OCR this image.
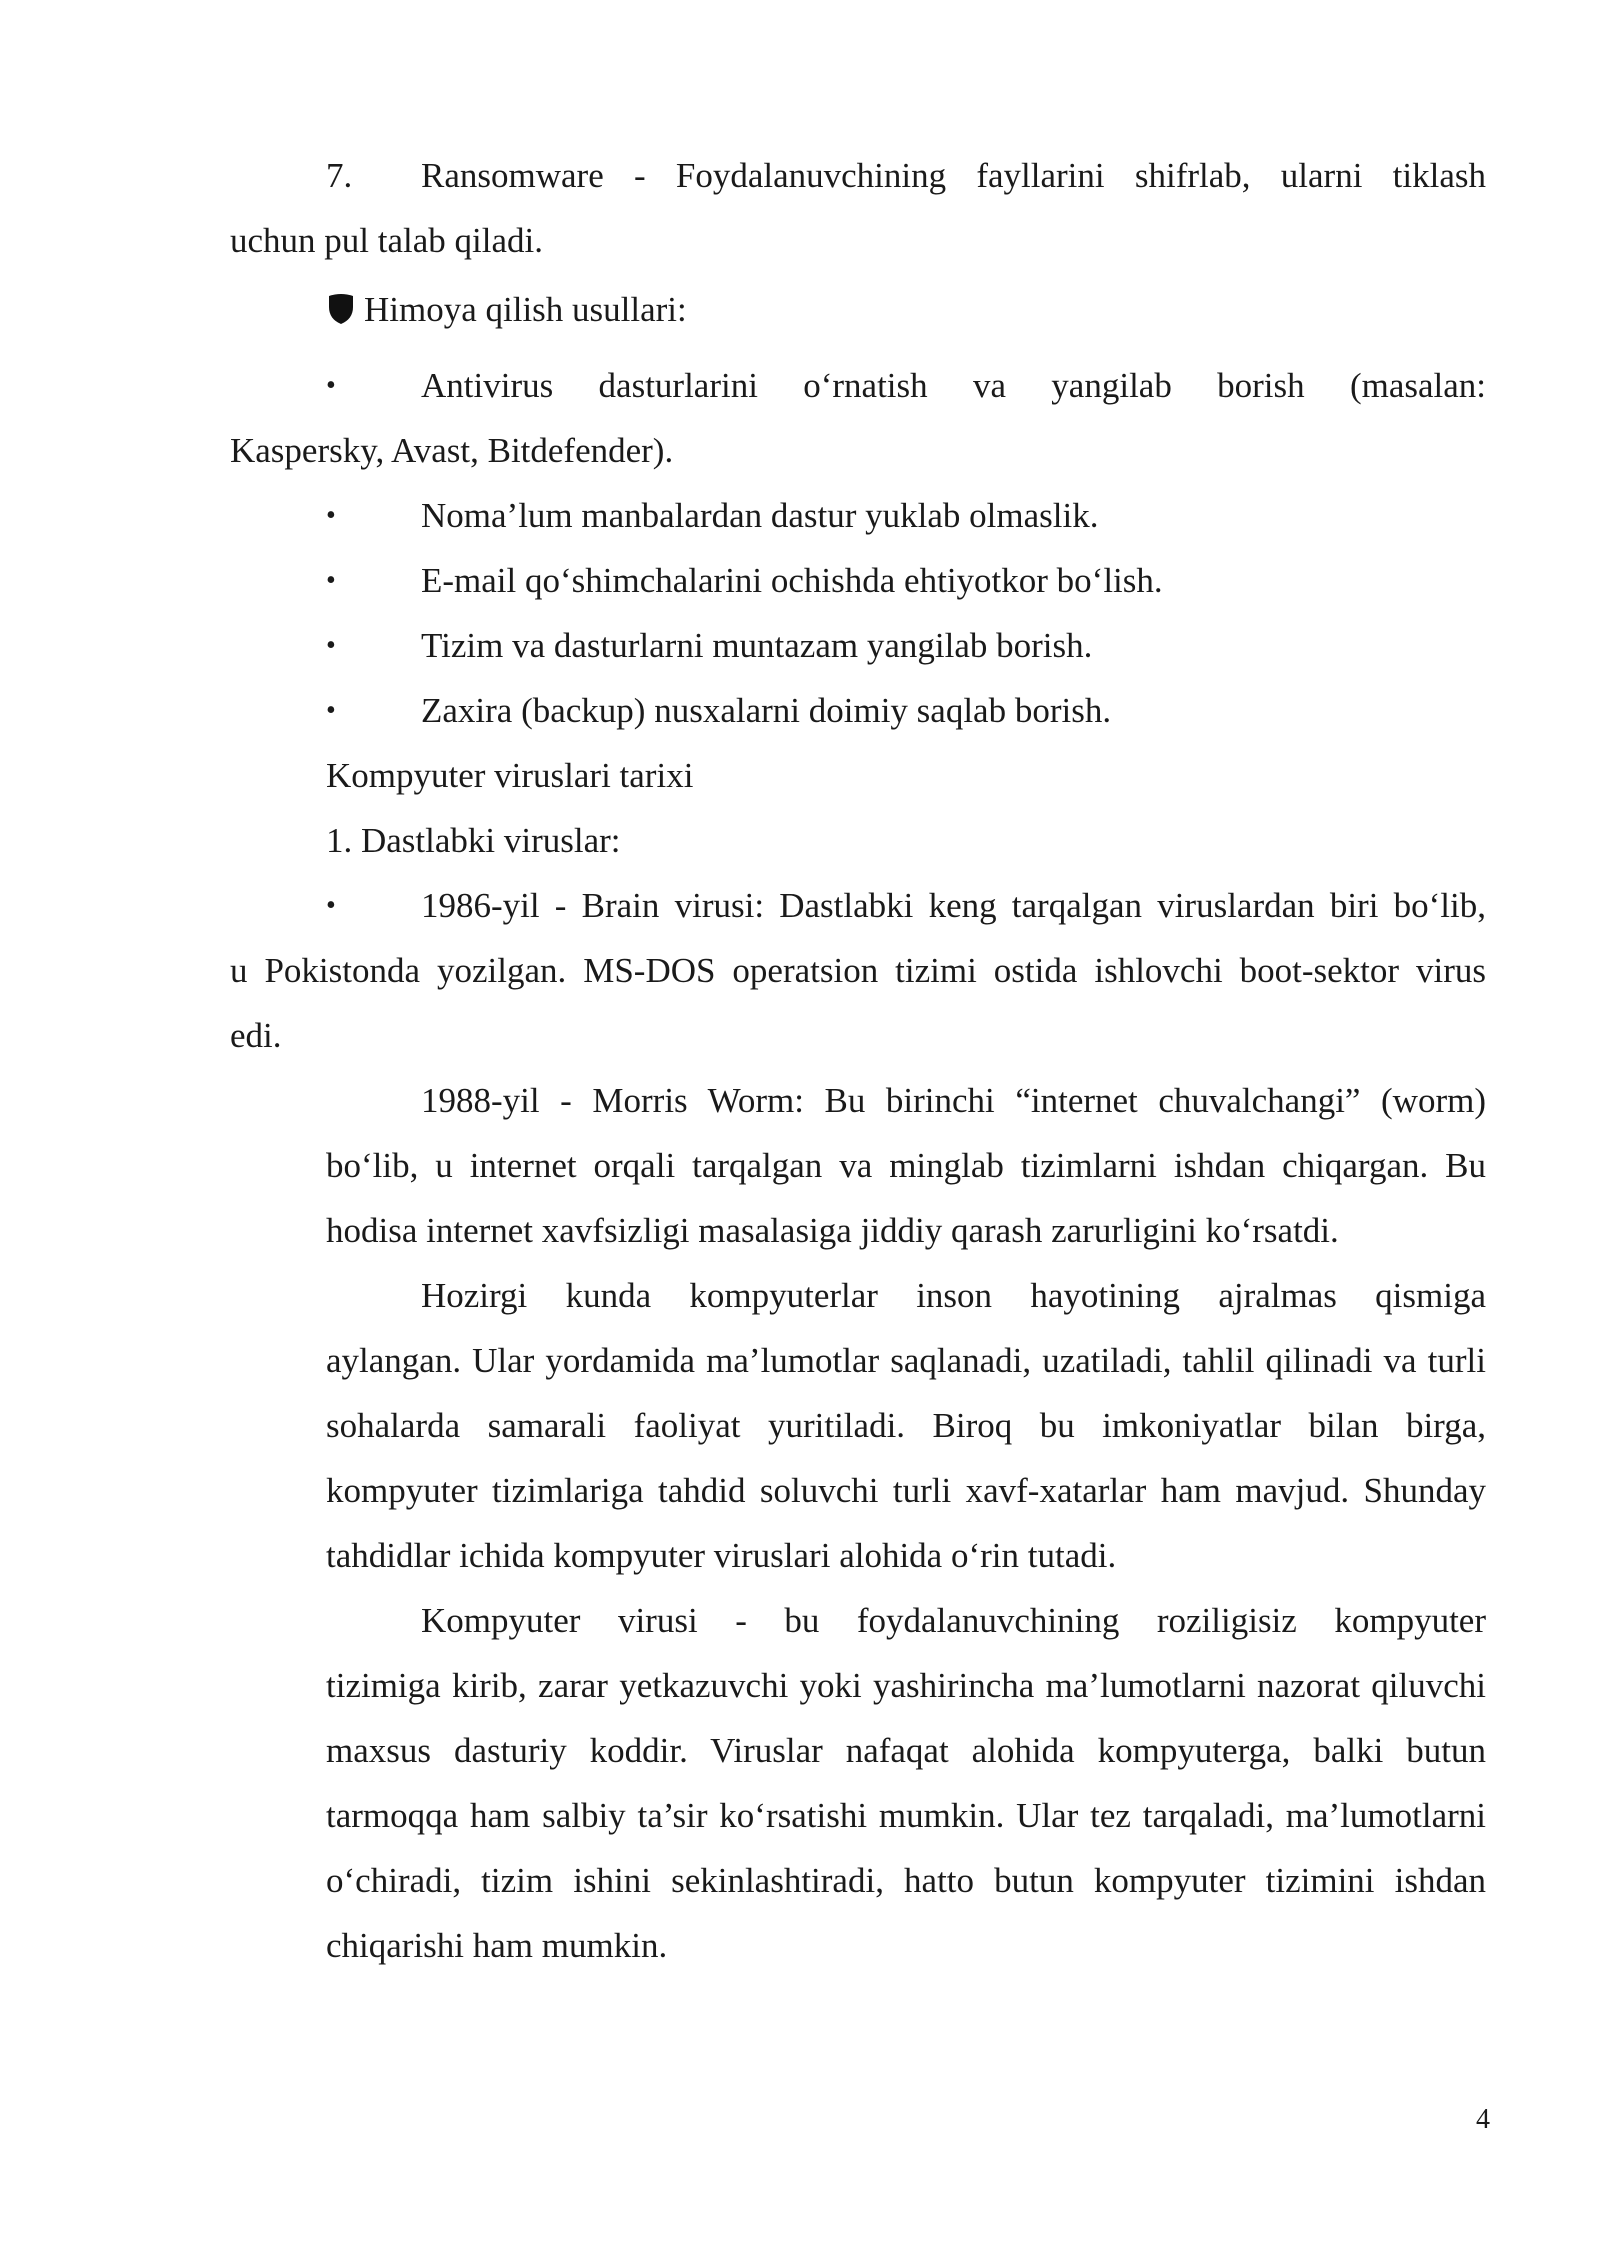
7. Ransomware - Foydalanuvchining fayllarini shifrlab, ularni tiklash
uchun pul talab qiladi.
Himoya qilish usullari:
• Antivirus dasturlarini o‘rnatish va yangilab borish (masalan:
Kaspersky, Avast, Bitdefender).
• Noma’lum manbalardan dastur yuklab olmaslik.
• E-mail qo‘shimchalarini ochishda ehtiyotkor bo‘lish.
• Tizim va dasturlarni muntazam yangilab borish.
• Zaxira (backup) nusxalarni doimiy saqlab borish.
Kompyuter viruslari tarixi
1. Dastlabki viruslar:
• 1986-yil - Brain virusi: Dastlabki keng tarqalgan viruslardan biri bo‘lib,
u Pokistonda yozilgan. MS-DOS operatsion tizimi ostida ishlovchi boot-sektor virus
edi.
1988-yil - Morris Worm: Bu birinchi “internet chuvalchangi” (worm)
bo‘lib, u internet orqali tarqalgan va minglab tizimlarni ishdan chiqargan. Bu hodisa internet xavfsizligi masalasiga jiddiy qarash zarurligini ko‘rsatdi.
Hozirgi kunda kompyuterlar inson hayotining ajralmas qismiga
aylangan. Ular yordamida ma’lumotlar saqlanadi, uzatiladi, tahlil qilinadi va turli sohalarda samarali faoliyat yuritiladi. Biroq bu imkoniyatlar bilan birga, kompyuter tizimlariga tahdid soluvchi turli xavf-xatarlar ham mavjud. Shunday tahdidlar ichida kompyuter viruslari alohida o‘rin tutadi.
Kompyuter virusi - bu foydalanuvchining roziligisiz kompyuter
tizimiga kirib, zarar yetkazuvchi yoki yashirincha ma’lumotlarni nazorat qiluvchi maxsus dasturiy koddir. Viruslar nafaqat alohida kompyuterga, balki butun tarmoqqa ham salbiy ta’sir ko‘rsatishi mumkin. Ular tez tarqaladi, ma’lumotlarni o‘chiradi, tizim ishini sekinlashtiradi, hatto butun kompyuter tizimini ishdan chiqarishi ham mumkin.
4
